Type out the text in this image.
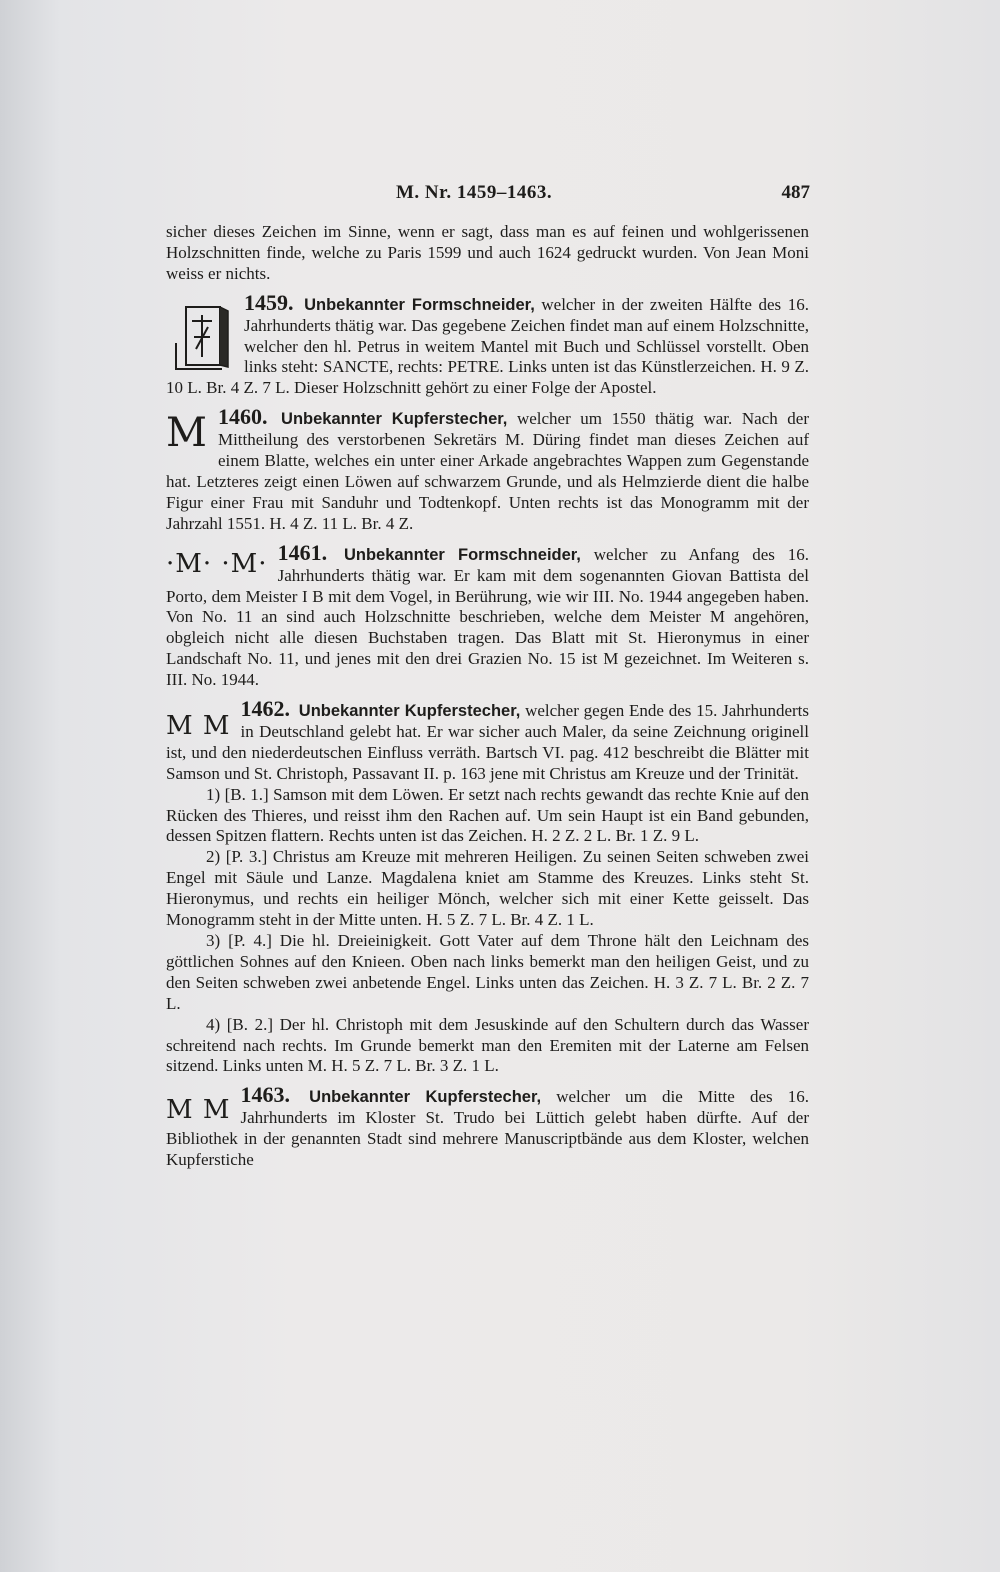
M. Nr. 1459–1463.	487

sicher dieses Zeichen im Sinne, wenn er sagt, dass man es auf feinen und wohlgerissenen Holzschnitten finde, welche zu Paris 1599 und auch 1624 gedruckt wurden. Von Jean Moni weiss er nichts.

1459. Unbekannter Formschneider, welcher in der zweiten Hälfte des 16. Jahrhunderts thätig war. Das gegebene Zeichen findet man auf einem Holzschnitte, welcher den hl. Petrus in weitem Mantel mit Buch und Schlüssel vorstellt. Oben links steht: SANCTE, rechts: PETRE. Links unten ist das Künstlerzeichen. H. 9 Z. 10 L. Br. 4 Z. 7 L. Dieser Holzschnitt gehört zu einer Folge der Apostel.

M 1460. Unbekannter Kupferstecher, welcher um 1550 thätig war. Nach der Mittheilung des verstorbenen Sekretärs M. Düring findet man dieses Zeichen auf einem Blatte, welches ein unter einer Arkade angebrachtes Wappen zum Gegenstande hat. Letzteres zeigt einen Löwen auf schwarzem Grunde, und als Helmzierde dient die halbe Figur einer Frau mit Sanduhr und Todtenkopf. Unten rechts ist das Monogramm mit der Jahrzahl 1551. H. 4 Z. 11 L. Br. 4 Z.

·M· ·M· 1461. Unbekannter Formschneider, welcher zu Anfang des 16. Jahrhunderts thätig war. Er kam mit dem sogenannten Giovan Battista del Porto, dem Meister I B mit dem Vogel, in Berührung, wie wir III. No. 1944 angegeben haben. Von No. 11 an sind auch Holzschnitte beschrieben, welche dem Meister M angehören, obgleich nicht alle diesen Buchstaben tragen. Das Blatt mit St. Hieronymus in einer Landschaft No. 11, und jenes mit den drei Grazien No. 15 ist M gezeichnet. Im Weiteren s. III. No. 1944.

M M
1462. Unbekannter Kupferstecher, welcher gegen Ende des 15. Jahrhunderts in Deutschland gelebt hat. Er war sicher auch Maler, da seine Zeichnung originell ist, und den niederdeutschen Einfluss verräth. Bartsch VI. pag. 412 beschreibt die Blätter mit Samson und St. Christoph, Passavant II. p. 163 jene mit Christus am Kreuze und der Trinität.

1) [B. 1.] Samson mit dem Löwen. Er setzt nach rechts gewandt das rechte Knie auf den Rücken des Thieres, und reisst ihm den Rachen auf. Um sein Haupt ist ein Band gebunden, dessen Spitzen flattern. Rechts unten ist das Zeichen. H. 2 Z. 2 L. Br. 1 Z. 9 L.

2) [P. 3.] Christus am Kreuze mit mehreren Heiligen. Zu seinen Seiten schweben zwei Engel mit Säule und Lanze. Magdalena kniet am Stamme des Kreuzes. Links steht St. Hieronymus, und rechts ein heiliger Mönch, welcher sich mit einer Kette geisselt. Das Monogramm steht in der Mitte unten. H. 5 Z. 7 L. Br. 4 Z. 1 L.

3) [P. 4.] Die hl. Dreieinigkeit. Gott Vater auf dem Throne hält den Leichnam des göttlichen Sohnes auf den Knieen. Oben nach links bemerkt man den heiligen Geist, und zu den Seiten schweben zwei anbetende Engel. Links unten das Zeichen. H. 3 Z. 7 L. Br. 2 Z. 7 L.

4) [B. 2.] Der hl. Christoph mit dem Jesuskinde auf den Schultern durch das Wasser schreitend nach rechts. Im Grunde bemerkt man den Eremiten mit der Laterne am Felsen sitzend. Links unten M. H. 5 Z. 7 L. Br. 3 Z. 1 L.

M M
1463. Unbekannter Kupferstecher, welcher um die Mitte des 16. Jahrhunderts im Kloster St. Trudo bei Lüttich gelebt haben dürfte. Auf der Bibliothek in der genannten Stadt sind mehrere Manuscriptbände aus dem Kloster, welchen Kupferstiche
